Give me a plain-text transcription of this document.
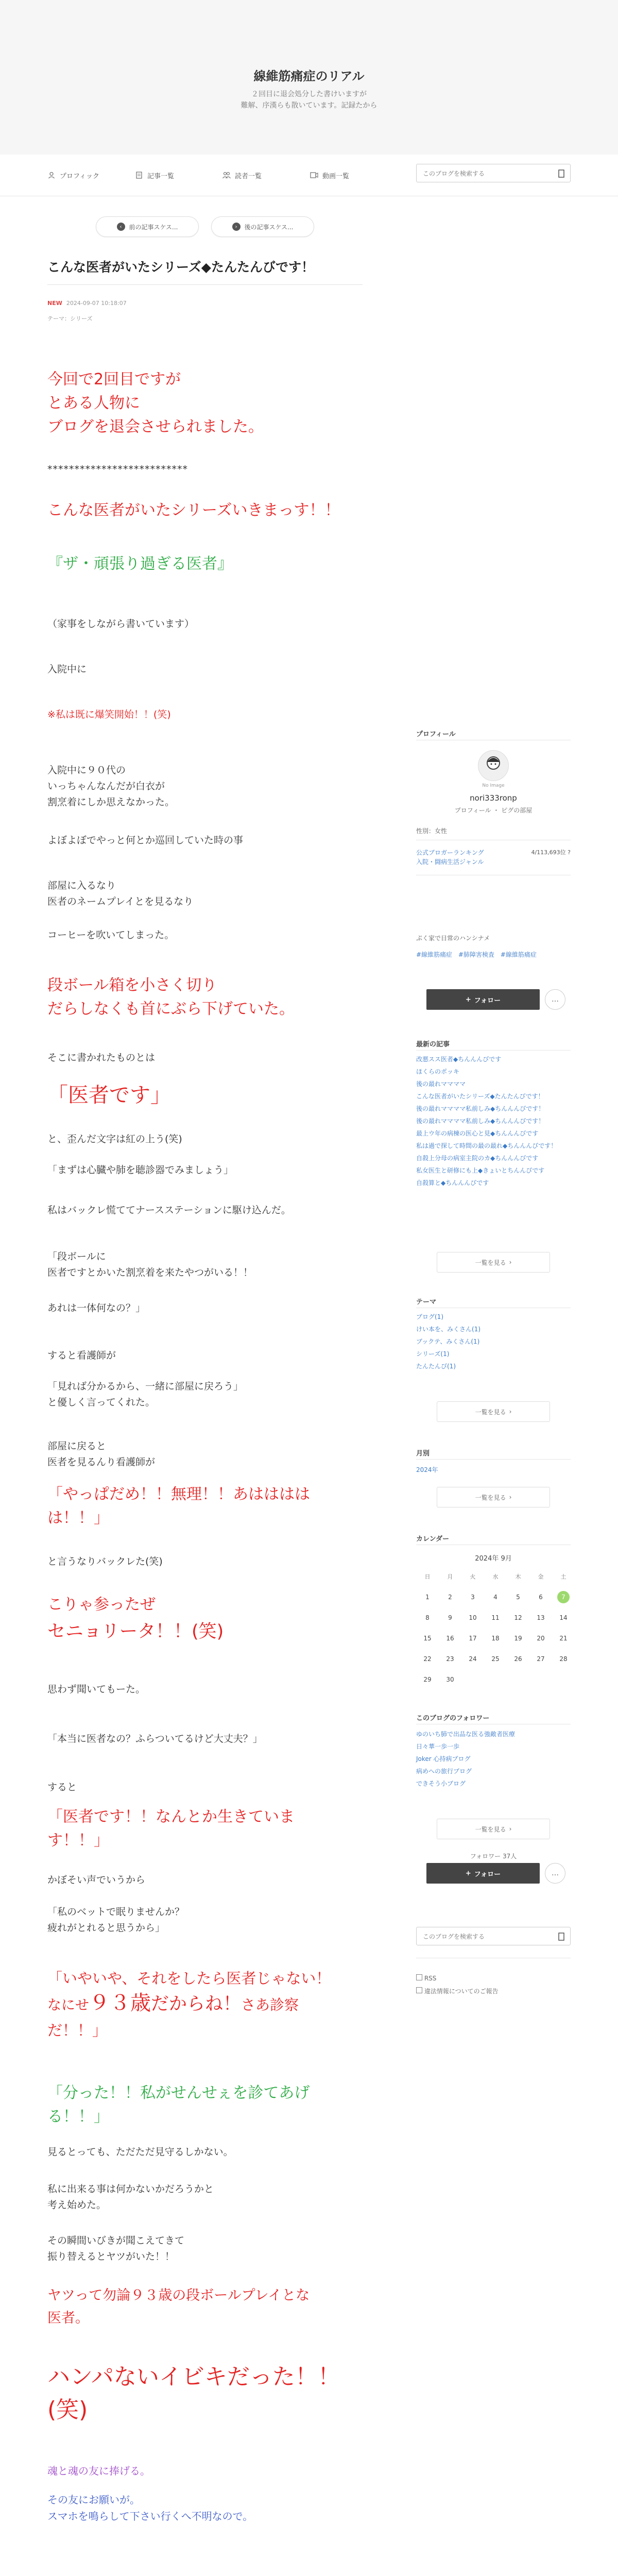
線維筋痛症のリアル
２回目に退会処分した書けいますが
難解、序漢らも散いています。記録たから
プロフィック	記事一覧	読者一覧	動画一覧
このブログを検索する
‹	前の記事スケス...	›	後の記事スケス...
こんな医者がいたシリーズ◆たんたんびです！
NEW 2024-09-07 10:18:07
テーマ：シリーズ
今回で2回目ですが
とある人物に
ブログを退会させられました。
**************************
こんな医者がいたシリーズいきまっす！！
『ザ・頑張り過ぎる医者』
（家事をしながら書いています）
入院中に
※私は既に爆笑開始！！(笑)
入院中に９０代の
いっちゃんなんだが白衣が
割烹着にしか思えなかった。
よぼよぼでやっと何とか巡回していた時の事
部屋に入るなり
医者のネームプレイとを見るなり
コーヒーを吹いてしまった。
段ボール箱を小さく切り
だらしなくも首にぶら下げていた。
そこに書かれたものとは
「医者です」
と、歪んだ文字は紅の上う(笑)
「まずは心臓や肺を聴診器でみましょう」
私はバックレ慌ててナースステーションに駆け込んだ。
「段ボールに
医者ですとかいた割烹着を来たやつがいる！！
あれは一体何なの？」
すると看護師が
「見れば分かるから、一緒に部屋に戻ろう」
と優しく言ってくれた。
部屋に戻ると
医者を見るんり看護師が
「やっぱだめ！！無理！！あはははは
は！！」
と言うなりバックレた(笑)
こりゃ参ったぜ
セニョリータ！！(笑)
思わず聞いてもーた。
「本当に医者なの？ふらついてるけど大丈夫？」
すると
「医者です！！なんとか生きていま
す！！」
かぼそい声でいうから
「私のベットで眠りませんか？
疲れがとれると思うから」
「いやいや、それをしたら医者じゃない！
なにせ９３歳だからね！さあ診察
だ！！」
「分った！！私がせんせぇを診てあげ
る！！」
見るとっても、ただただ見守るしかない。
私に出来る事は何かないかだろうかと
考え始めた。
その瞬間いびきが聞こえてきて
振り替えるとヤツがいた！！
ヤツって勿論９３歳の段ボールプレイとな
医者。
ハンパないイビキだった！！
(笑)
魂と魂の友に捧げる。
その友にお願いが。
スマホを鳴らして下さい行くへ不明なので。
プロフィール
No Image
nori333ronp
プロフィール ・ ピグの部屋
性別：女性
公式ブロガーランキング
入院・闘病生活ジャンル
4/113,693位 ?
ぷく家で日常のハンシナメ
#線維筋痛症 #肺障害検査 #線維筋痛症
+ フォロー	…
最新の記事
改悪スス医者◆ちんんんびです
ほくらのポッキ
後の最れママママ
こんな医者がいたシリーズ◆たんたんびです！
後の最れママママ私前しみ◆ちんんんびです！
後の最れママママ私前しみ◆ちんんんびです！
最上ウ年の病棟の医心と見◆ちんんんびです
私は過で探して時間の最の最れ◆ちんんんびです！
自殺上分母の病室主院のカ◆ちんんんびです
私女医生と研修にも上◆きょいとちんんびです
自殺算と◆ちんんんびです
一覧を見る ›
テーマ
ブログ(1)
けい本を、みくさん(1)
ブックテ、みくさん(1)
シリーズ(1)
たんたんび(1)
一覧を見る ›
月別
2024年
一覧を見る ›
カレンダー
2024年 9月
日	月	火	水	木	金	土
1	2	3	4	5	6	7
8	9	10	11	12	13	14
15	16	17	18	19	20	21
22	23	24	25	26	27	28
29	30					
このブログのフォロワー
ゆのいち肺で出品な医る強敵者医療
日々華一歩一歩
Joker 心持病ブログ
病めへの旅行ブログ
できそう小ブログ
一覧を見る ›
フォロワー 37人
+ フォロー	…
このブログを検索する
RSS
違法情報についてのご報告
